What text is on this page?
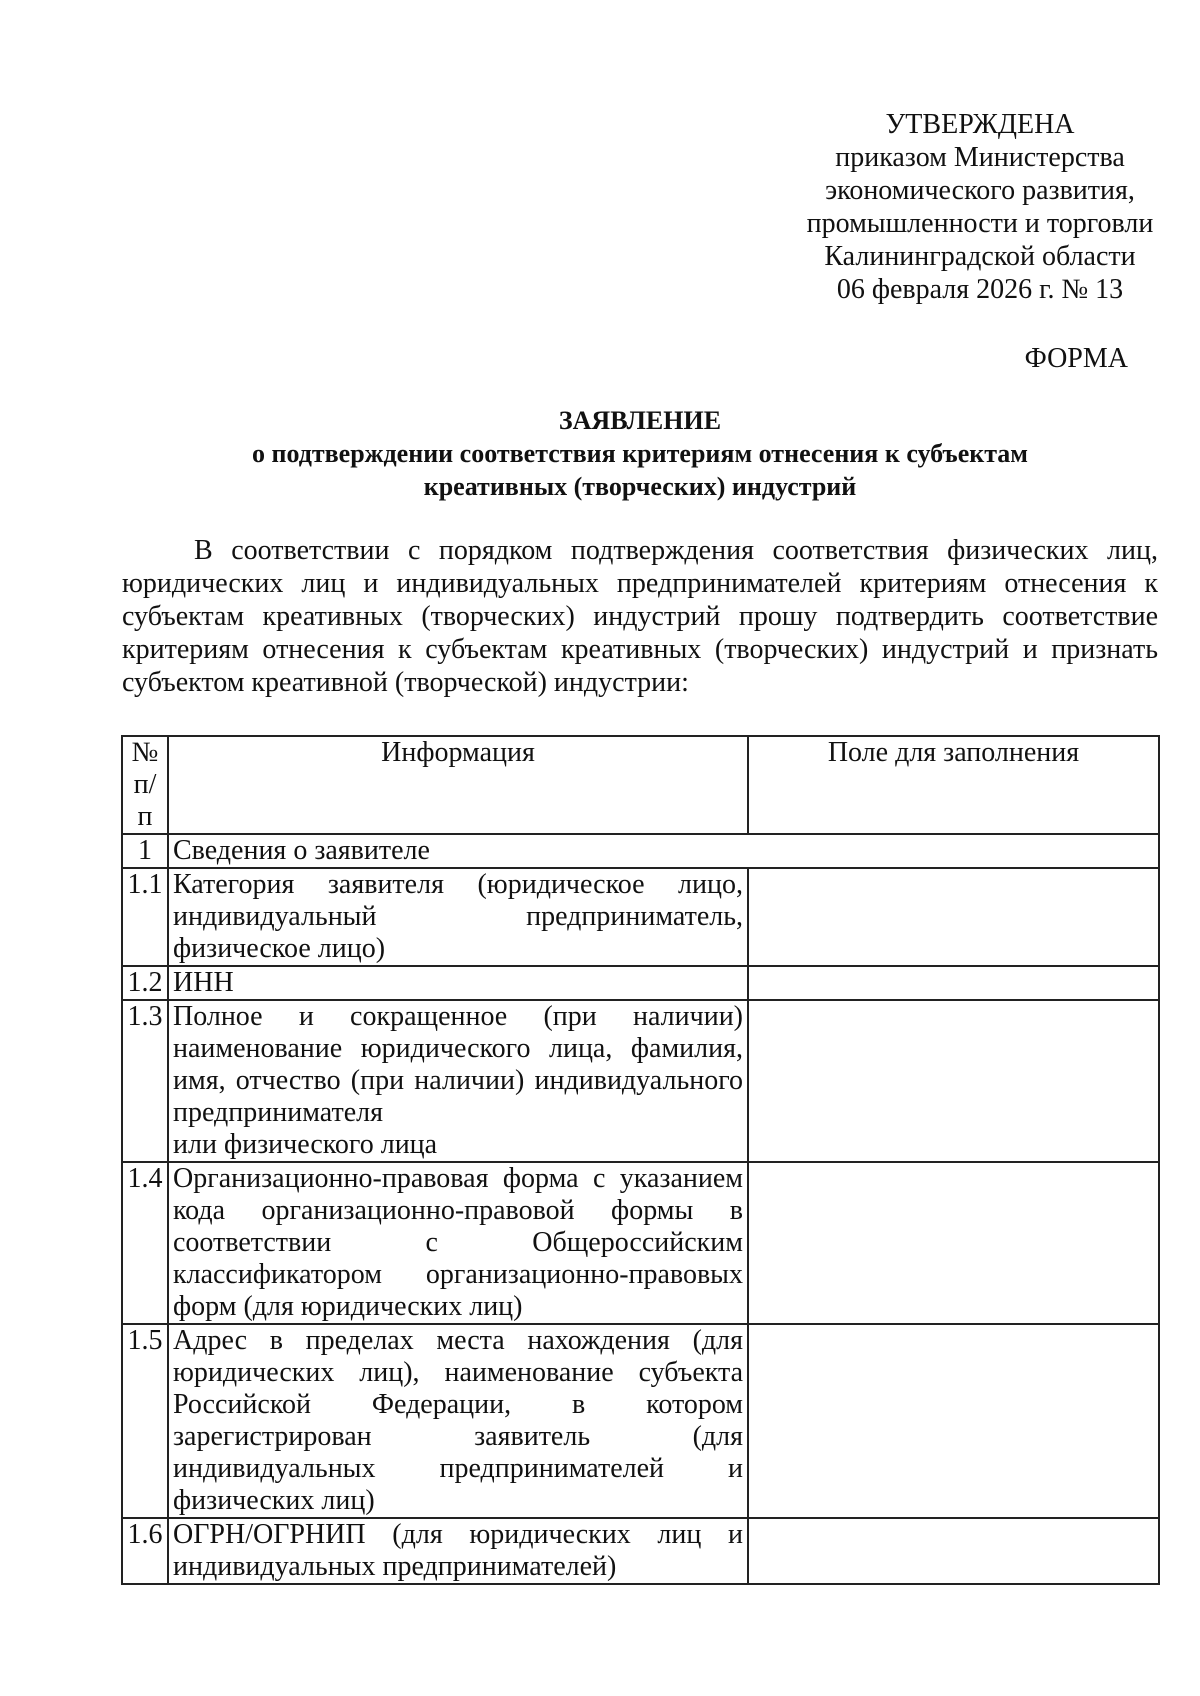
УТВЕРЖДЕНА
приказом Министерства
экономического развития,
промышленности и торговли
Калининградской области
06 февраля 2026 г. № 13
ФОРМА
ЗАЯВЛЕНИЕ
о подтверждении соответствия критериям отнесения к субъектам
креативных (творческих) индустрий
В соответствии с порядком подтверждения соответствия физических лиц, юридических лиц и индивидуальных предпринимателей критериям отнесения к субъектам креативных (творческих) индустрий прошу подтвердить соответствие критериям отнесения к субъектам креативных (творческих) индустрий и признать субъектом креативной (творческой) индустрии:
№
п/п	Информация	Поле для заполнения
1	Сведения о заявителе	
1.1	Категория заявителя (юридическое лицо, индивидуальный предприниматель, физическое лицо)	
1.2	ИНН	
1.3	Полное и сокращенное (при наличии) наименование юридического лица, фамилия, имя, отчество (при наличии) индивидуального предпринимателя
или физического лица	

1.4	Организационно-правовая форма с указанием кода организационно-правовой формы в соответствии с Общероссийским классификатором организационно-правовых форм (для юридических лиц)	
1.5	Адрес в пределах места нахождения (для юридических лиц), наименование субъекта Российской Федерации, в котором зарегистрирован заявитель (для индивидуальных предпринимателей и физических лиц)	
1.6	ОГРН/ОГРНИП (для юридических лиц и индивидуальных предпринимателей)	
